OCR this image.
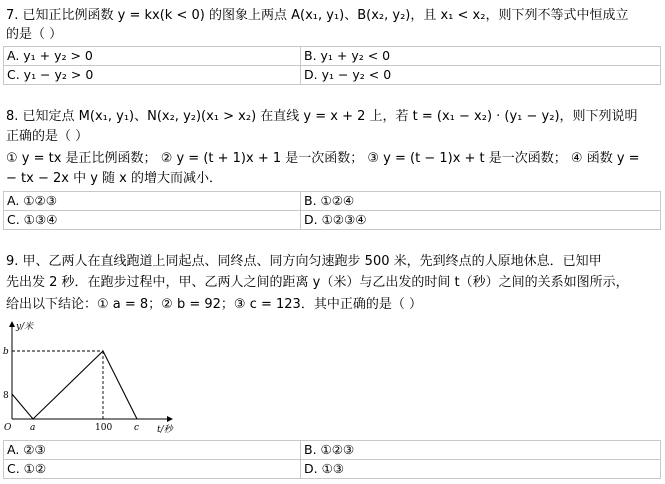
7. 已知正比例函数 y = kx(k < 0) 的图象上两点 A(x₁, y₁)、B(x₂, y₂)，且 x₁ < x₂，则下列不等式中恒成立
的是（ ）
A. y₁ + y₂ > 0	B. y₁ + y₂ < 0
C. y₁ − y₂ > 0	D. y₁ − y₂ < 0
8. 已知定点 M(x₁, y₁)、N(x₂, y₂)(x₁ > x₂) 在直线 y = x + 2 上，若 t = (x₁ − x₂) · (y₁ − y₂)，则下列说明
正确的是（ ）
① y = tx 是正比例函数； ② y = (t + 1)x + 1 是一次函数； ③ y = (t − 1)x + t 是一次函数； ④ 函数 y =
− tx − 2x 中 y 随 x 的增大而减小．
A. ①②③	B. ①②④
C. ①③④	D. ①②③④
9. 甲、乙两人在直线跑道上同起点、同终点、同方向匀速跑步 500 米，先到终点的人原地休息．已知甲
先出发 2 秒．在跑步过程中，甲、乙两人之间的距离 y（米）与乙出发的时间 t（秒）之间的关系如图所示，
给出以下结论：① a = 8；② b = 92；③ c = 123．其中正确的是（ ）
y/米
t/秒
O
b
8
a	100 c
A. ②③	B. ①②③
C. ①②	D. ①③
